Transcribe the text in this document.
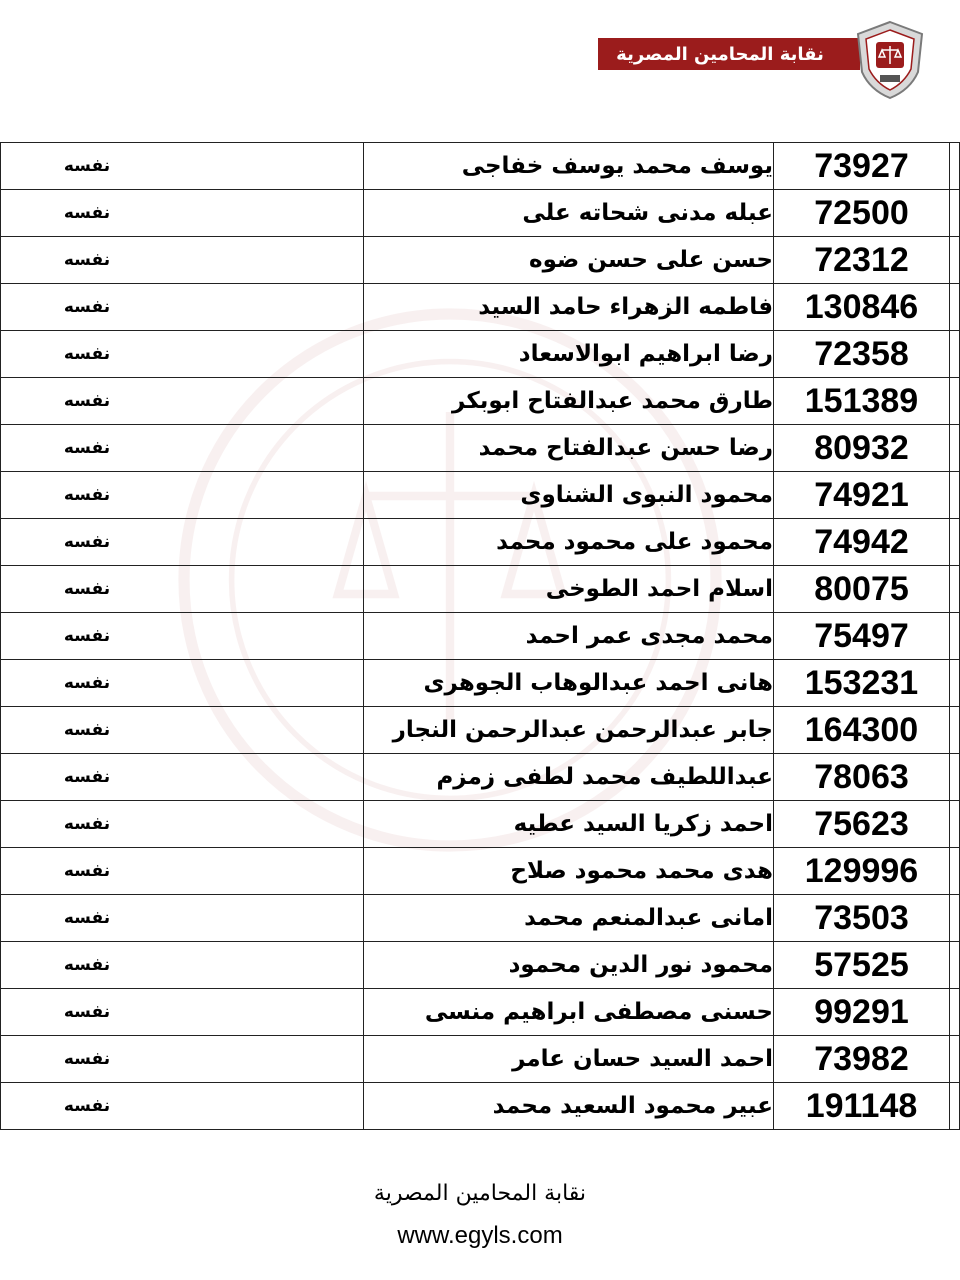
نقابة المحامين المصرية
	73927	يوسف محمد يوسف خفاجى	نفسه
	72500	عبله مدنى شحاته على	نفسه
	72312	حسن على حسن ضوه	نفسه
	130846	فاطمه الزهراء حامد السيد	نفسه
	72358	رضا ابراهيم ابوالاسعاد	نفسه
	151389	طارق محمد عبدالفتاح ابوبكر	نفسه
	80932	رضا حسن عبدالفتاح محمد	نفسه
	74921	محمود النبوى الشناوى	نفسه
	74942	محمود على محمود محمد	نفسه
	80075	اسلام احمد الطوخى	نفسه
	75497	محمد مجدى عمر احمد	نفسه
	153231	هانى احمد عبدالوهاب الجوهرى	نفسه
	164300	جابر عبدالرحمن عبدالرحمن النجار	نفسه
	78063	عبداللطيف محمد لطفى زمزم	نفسه
	75623	احمد زكريا السيد عطيه	نفسه
	129996	هدى محمد محمود صلاح	نفسه
	73503	امانى عبدالمنعم محمد	نفسه
	57525	محمود نور الدين محمود	نفسه
	99291	حسنى مصطفى ابراهيم منسى	نفسه
	73982	احمد السيد حسان عامر	نفسه
	191148	عبير محمود السعيد محمد	نفسه
نقابة المحامين المصرية
www.egyls.com
